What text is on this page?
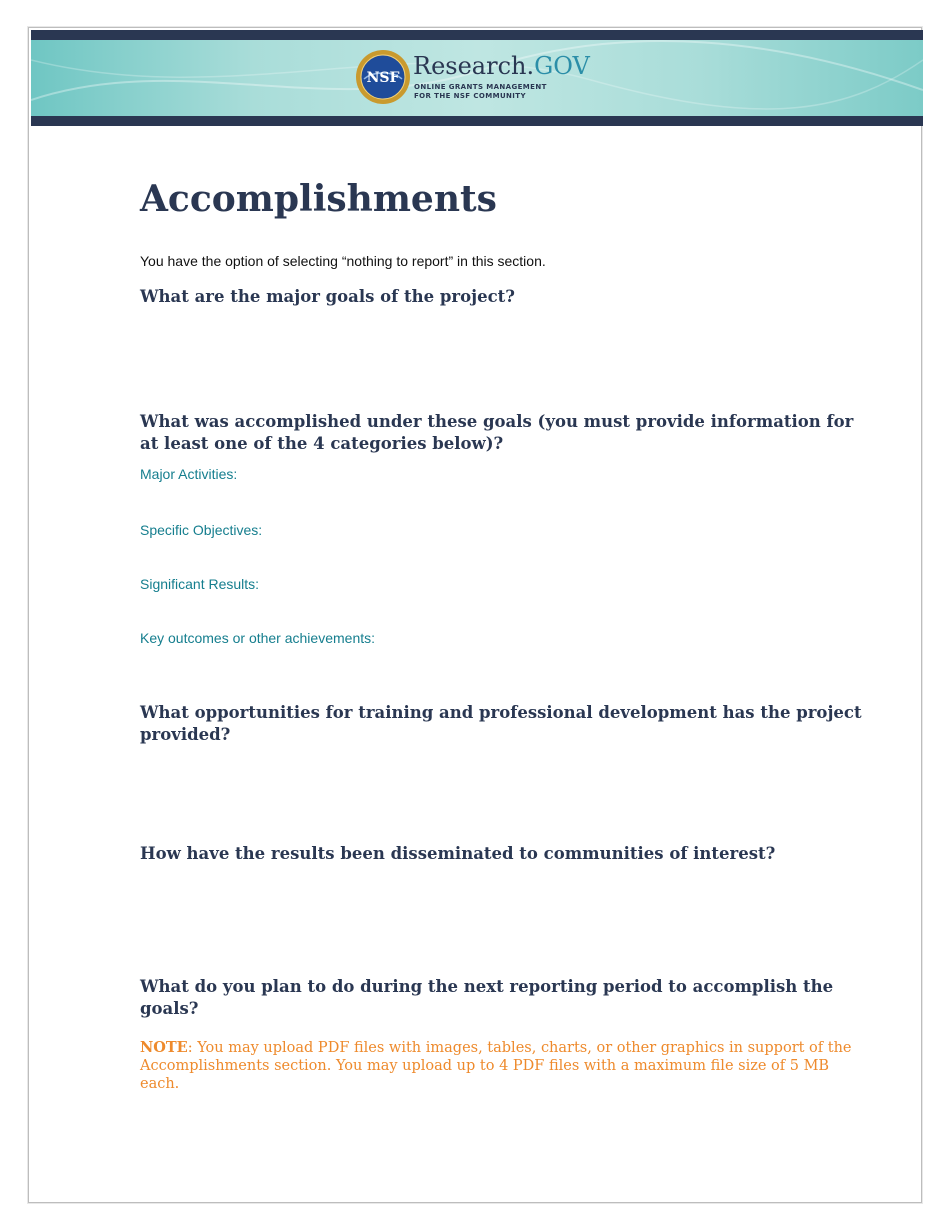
NSF Research.GOV
ONLINE GRANTS MANAGEMENT
FOR THE NSF COMMUNITY
Accomplishments

You have the option of selecting “nothing to report” in this section.

What are the major goals of the project?
What was accomplished under these goals (you must provide information for at least one of the 4 categories below)?

Major Activities:

Specific Objectives:

Significant Results:

Key outcomes or other achievements:

What opportunities for training and professional development has the project provided?
How have the results been disseminated to communities of interest?
What do you plan to do during the next reporting period to accomplish the goals?

NOTE: You may upload PDF files with images, tables, charts, or other graphics in support of the Accomplishments section. You may upload up to 4 PDF files with a maximum file size of 5 MB each.
